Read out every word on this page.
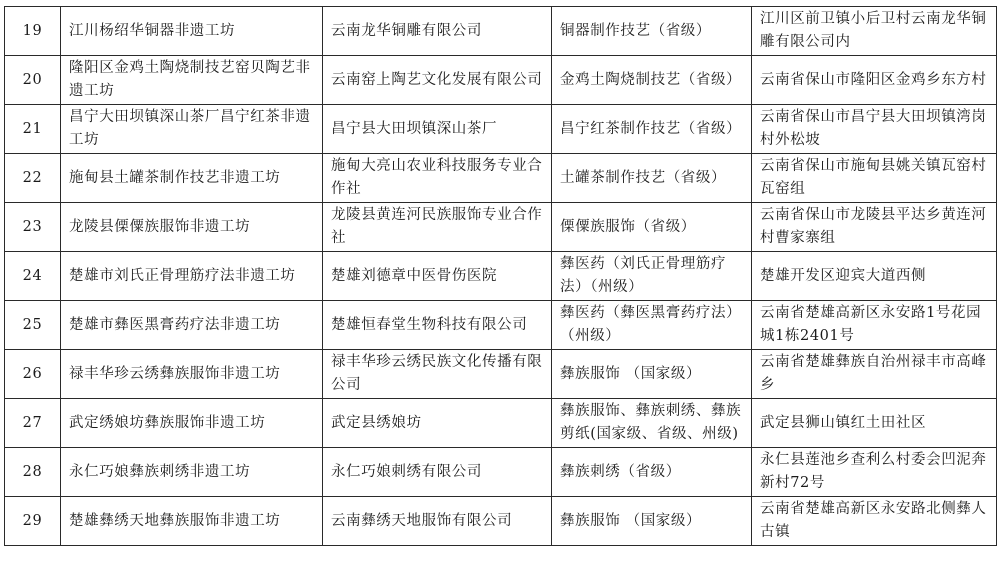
19	江川杨绍华铜器非遗工坊	云南龙华铜雕有限公司	铜器制作技艺（省级）	江川区前卫镇小后卫村云南龙华铜雕有限公司内
20	隆阳区金鸡土陶烧制技艺窑贝陶艺非遗工坊	云南窑上陶艺文化发展有限公司	金鸡土陶烧制技艺（省级）	云南省保山市隆阳区金鸡乡东方村
21	昌宁大田坝镇深山茶厂昌宁红茶非遗工坊	昌宁县大田坝镇深山茶厂	昌宁红茶制作技艺（省级）	云南省保山市昌宁县大田坝镇湾岗村外松坡
22	施甸县土罐茶制作技艺非遗工坊	施甸大亮山农业科技服务专业合作社	土罐茶制作技艺（省级）	云南省保山市施甸县姚关镇瓦窑村瓦窑组
23	龙陵县傈僳族服饰非遗工坊	龙陵县黄连河民族服饰专业合作社	傈僳族服饰（省级）	云南省保山市龙陵县平达乡黄连河村曹家寨组
24	楚雄市刘氏正骨理筋疗法非遗工坊	楚雄刘德章中医骨伤医院	彝医药（刘氏正骨理筋疗法）（州级）	楚雄开发区迎宾大道西侧
25	楚雄市彝医黑膏药疗法非遗工坊	楚雄恒春堂生物科技有限公司	彝医药（彝医黑膏药疗法）（州级）	云南省楚雄高新区永安路1号花园城1栋2401号
26	禄丰华珍云绣彝族服饰非遗工坊	禄丰华珍云绣民族文化传播有限公司	彝族服饰 （国家级）	云南省楚雄彝族自治州禄丰市高峰乡
27	武定绣娘坊彝族服饰非遗工坊	武定县绣娘坊	彝族服饰、彝族刺绣、彝族剪纸(国家级、省级、州级)	武定县狮山镇红土田社区
28	永仁巧娘彝族刺绣非遗工坊	永仁巧娘刺绣有限公司	彝族刺绣（省级）	永仁县莲池乡查利么村委会凹泥奔新村72号
29	楚雄彝绣天地彝族服饰非遗工坊	云南彝绣天地服饰有限公司	彝族服饰 （国家级）	云南省楚雄高新区永安路北侧彝人古镇
